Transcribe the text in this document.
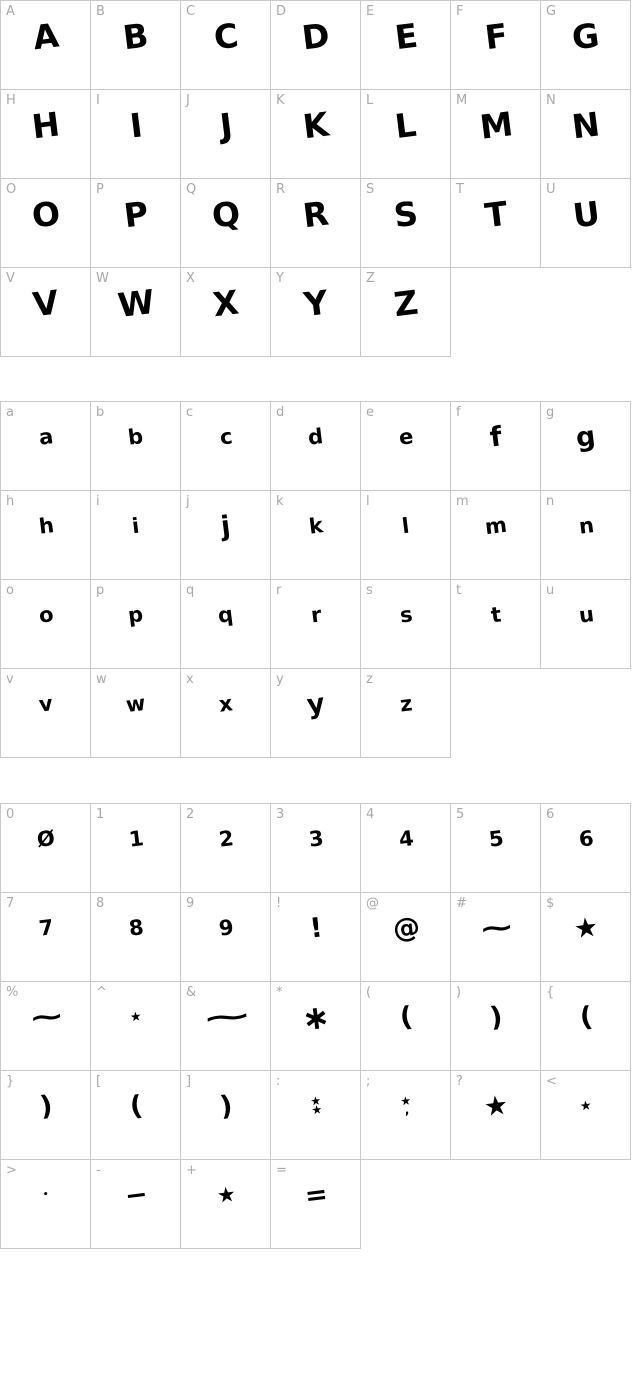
A
A
B
B
C
C
D
D
E
E
F
F
G
G
H
H
I
I
J
J
K
K
L
L
M
M
N
N
O
O
P
P
Q
Q
R
R
S
S
T
T
U
U
V
V
W
W
X
X
Y
Y
Z
Z
a
a
b
b
c
c
d
d
e
e
f
f
g
g
h
h
i
i
j
j
k
k
l
l
m
m
n
n
o
o
p
p
q
q
r
r
s
s
t
t
u
u
v
v
w
w
x
x
y
y
z
z
0
Ø
1
1
2
2
3
3
4
4
5
5
6
6
7
7
8
8
9
9
!
!
@
@
#
~
$
★
%
~
^
★
&
~
*
∗
(
(
)
)
{
(
}
)
[
(
]
)
:
★
★
;
★
,
?
★
<
★
>
•
-
−
+
★
=
=
